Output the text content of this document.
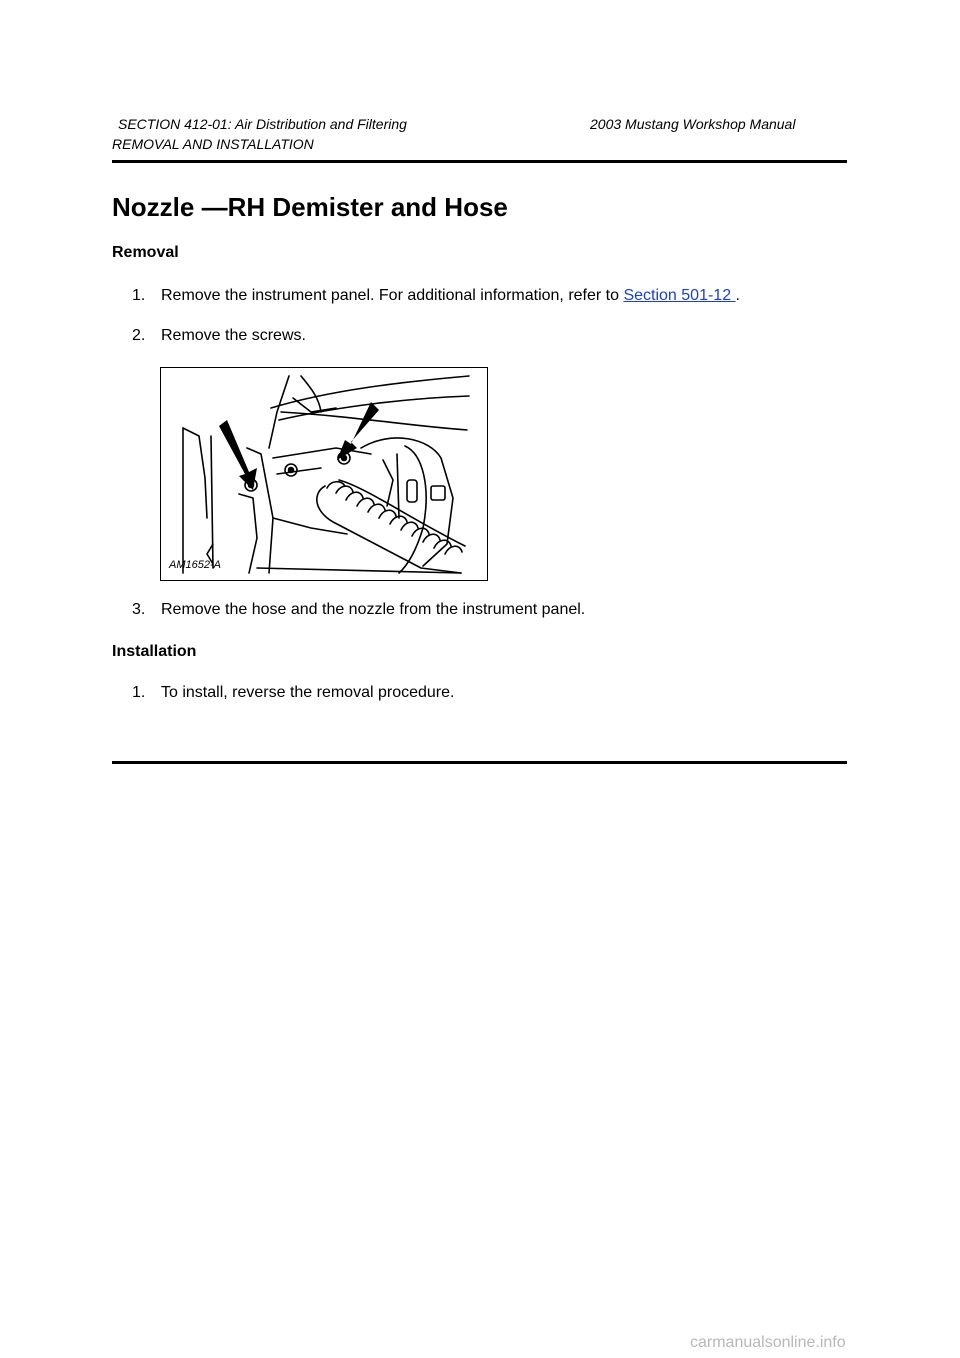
SECTION 412-01: Air Distribution and Filtering	2003 Mustang Workshop Manual
REMOVAL AND INSTALLATION
Nozzle —RH Demister and Hose
Removal
1. Remove the instrument panel. For additional information, refer to Section 501-12 .
2. Remove the screws.
AM1652-A
3. Remove the hose and the nozzle from the instrument panel.
Installation
1. To install, reverse the removal procedure.
carmanualsonline.info
